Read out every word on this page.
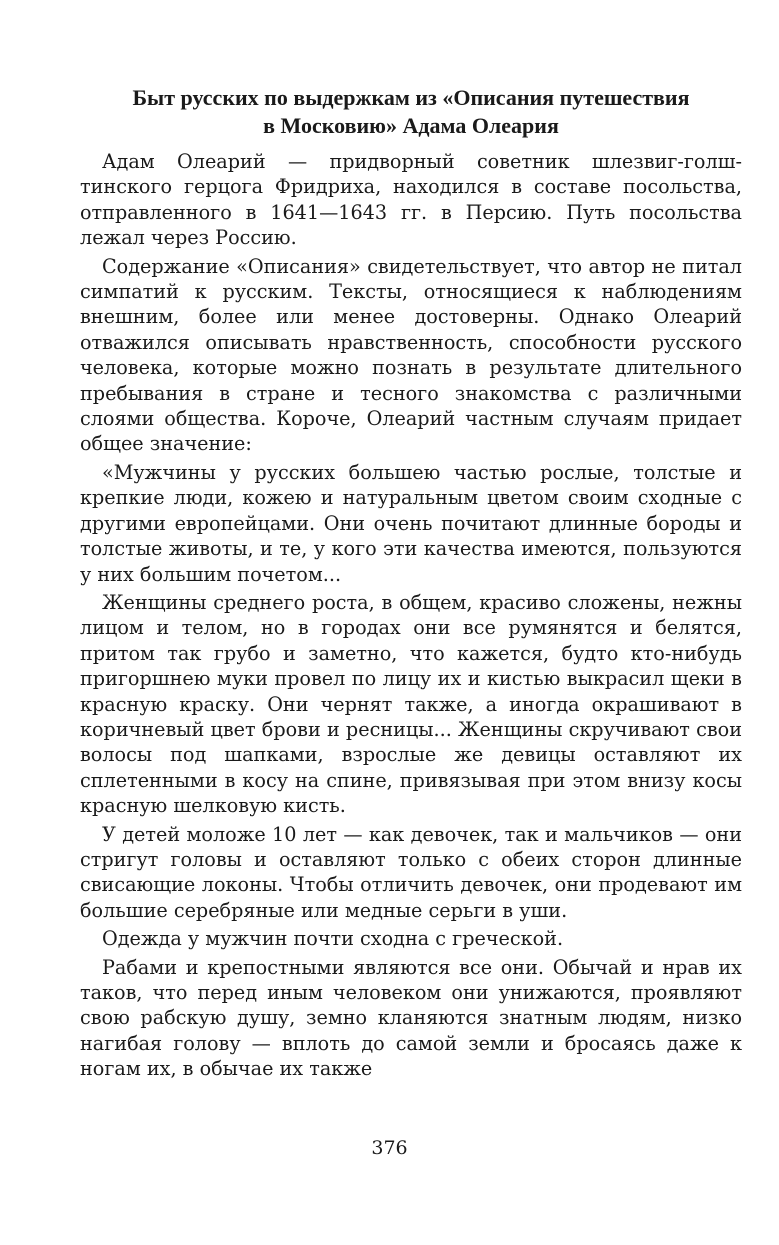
Быт русских по выдержкам из «Описания путешествия
в Московию» Адама Олеария

Адам Олеарий — придворный советник шлезвиг-голштинского герцога Фридриха, находился в составе посольства, отправленного в 1641—1643 гг. в Персию. Путь посольства лежал через Россию.

Содержание «Описания» свидетельствует, что автор не питал симпатий к русским. Тексты, относящиеся к наблюдениям внешним, более или менее достоверны. Однако Олеарий отважился описывать нравственность, способности русского человека, которые можно познать в результате длительного пребывания в стране и тесного знакомства с различными слоями общества. Короче, Олеарий частным случаям придает общее значение:

«Мужчины у русских большею частью рослые, толстые и крепкие люди, кожею и натуральным цветом своим сходные с другими европейцами. Они очень почитают длинные бороды и толстые животы, и те, у кого эти качества имеются, пользуются у них большим почетом...

Женщины среднего роста, в общем, красиво сложены, нежны лицом и телом, но в городах они все румянятся и белятся, притом так грубо и заметно, что кажется, будто кто-нибудь пригоршнею муки провел по лицу их и кистью выкрасил щеки в красную краску. Они чернят также, а иногда окрашивают в коричневый цвет брови и ресницы... Женщины скручивают свои волосы под шапками, взрослые же девицы оставляют их сплетенными в косу на спине, привязывая при этом внизу косы красную шелковую кисть.

У детей моложе 10 лет — как девочек, так и мальчиков — они стригут головы и оставляют только с обеих сторон длинные свисающие локоны. Чтобы отличить девочек, они продевают им большие серебряные или медные серьги в уши.

Одежда у мужчин почти сходна с греческой.

Рабами и крепостными являются все они. Обычай и нрав их таков, что перед иным человеком они унижаются, проявляют свою рабскую душу, земно кланяются знатным людям, низко нагибая голову — вплоть до самой земли и бросаясь даже к ногам их, в обычае их также

376
